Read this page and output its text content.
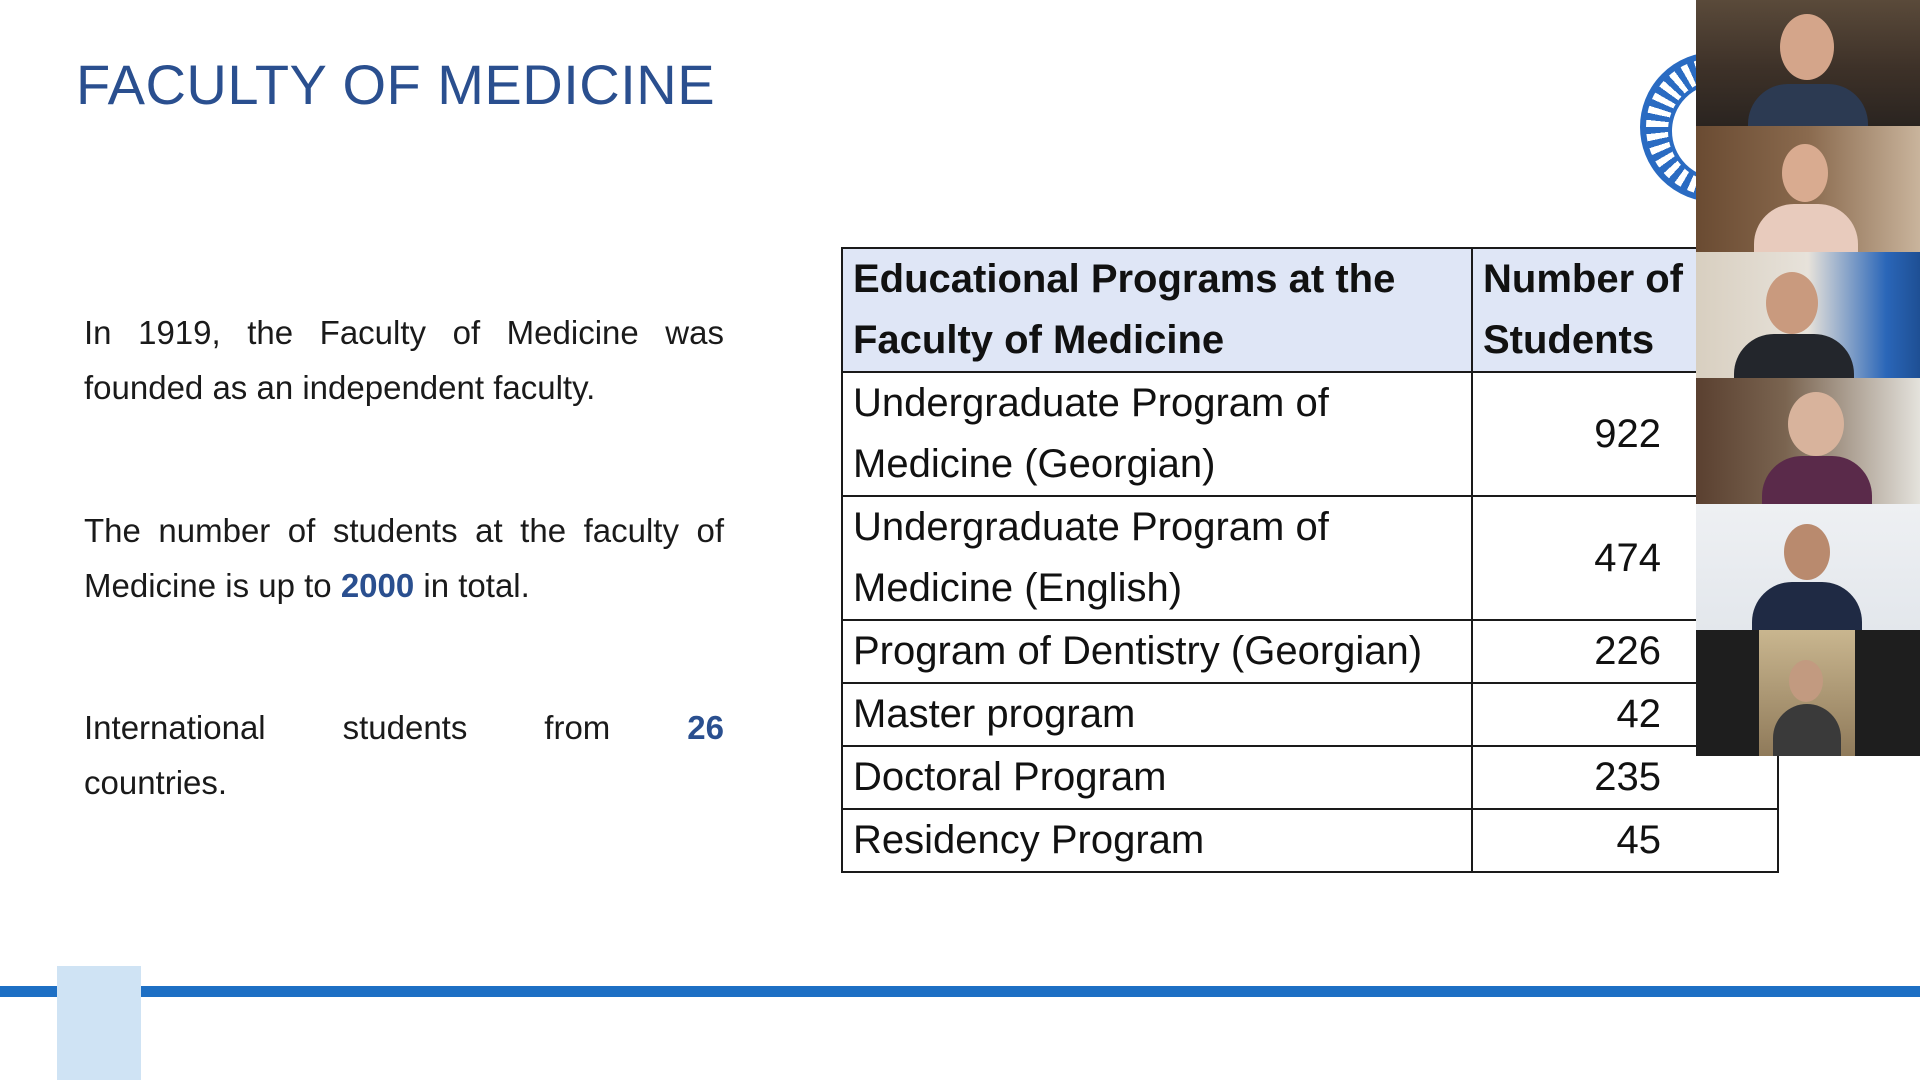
FACULTY OF MEDICINE
In 1919, the Faculty of Medicine was founded as an independent faculty.
The number of students at the faculty of Medicine is up to 2000 in total.
International students from 26
countries.
Educational Programs at the Faculty of Medicine	Number of Students
Undergraduate Program of Medicine (Georgian)	922
Undergraduate Program of Medicine (English)	474
Program of Dentistry (Georgian)	226
Master program	42
Doctoral Program	235
Residency Program	45
